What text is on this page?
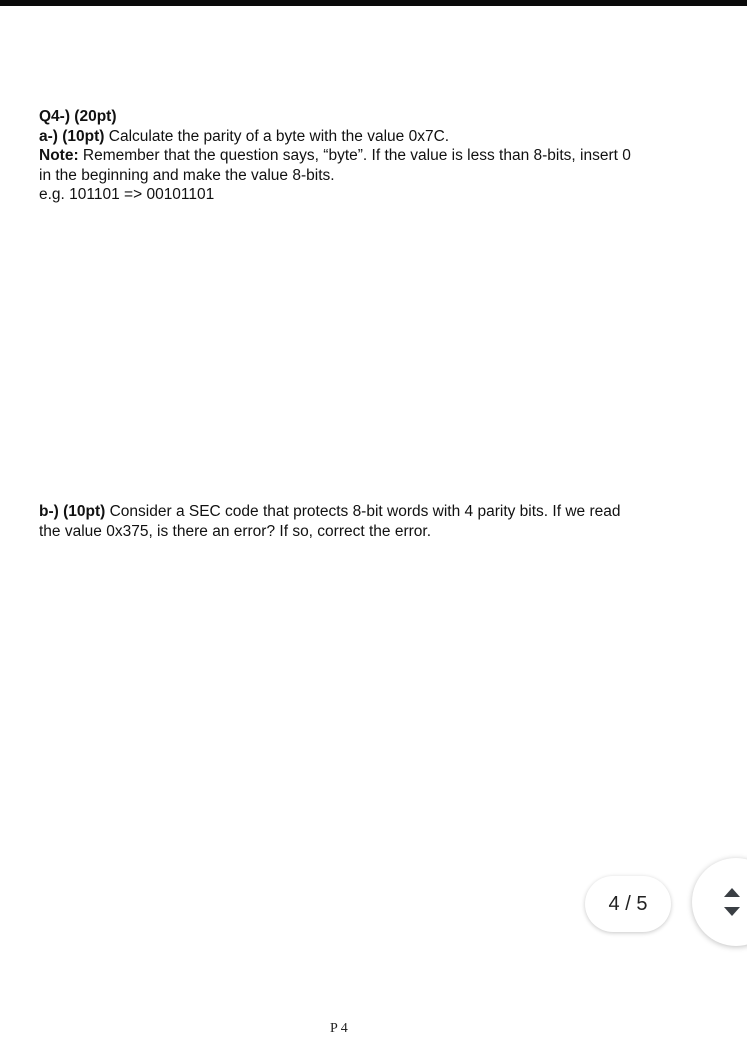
Q4-) (20pt)

a-) (10pt) Calculate the parity of a byte with the value 0x7C.

Note: Remember that the question says, “byte”. If the value is less than 8-bits, insert 0

in the beginning and make the value 8-bits.

e.g. 101101 => 00101101

b-) (10pt) Consider a SEC code that protects 8-bit words with 4 parity bits. If we read

the value 0x375, is there an error? If so, correct the error.

P 4
4 / 5
